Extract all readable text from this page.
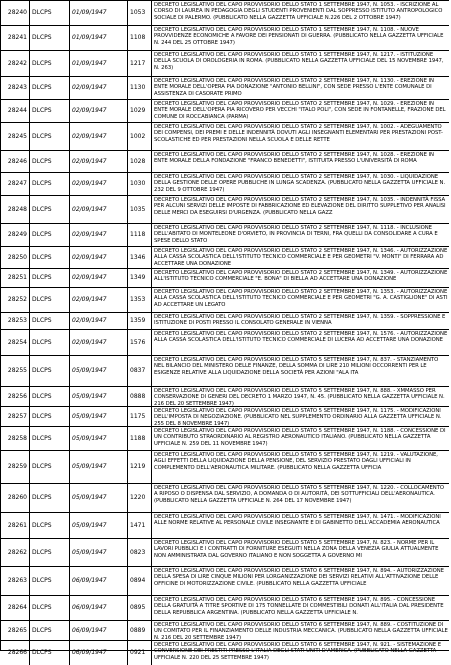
28240 DLCPS	01/09/1947	1053
DECRETO LEGISLATIVO DEL CAPO PROVVISORIO DELLO STATO 1 SETTEMBRE 1947, N. 1053. - ISCRIZIONE AL CORSO DI LAUREA IN PEDAGOGIA DEGLI STUDENTI PROVENIENTI DAL SOPPRESSO ISTITUTO ANTROPOLOGICO SOCIALE DI PALERMO. (PUBBLICATO NELLA GAZZETTA UFFICIALE N.226 DEL 2 OTTOBRE 1947)
28241 DLCPS	01/09/1947	1108
DECRETO LEGISLATIVO DEL CAPO PROVVISORIO DELLO STATO 1 SETTEMBRE 1947, N. 1108. - NUOVE PROVVIDENZE ECONOMICHE A FAVORE DEI PENSIONATI DI GUERRA. (PUBBLICATO NELLA GAZZETTA UFFICIALE N. 244 DEL 25 OTTOBRE 1947)
28242 DLCPS	01/09/1947	1217
DECRETO LEGISLATIVO DEL CAPO PROVVISORIO DELLO STATO 1 SETTEMBRE 1947, N. 1217. - ISTITUZIONE DELLA SCUOLA DI OROLOGERIA IN ROMA. (PUBBLICATO NELLA GAZZETTA UFFICIALE DEL 15 NOVEMBRE 1947, N. 263)
28243 DLCPS	02/09/1947	1130
DECRETO LEGISLATIVO DEL CAPO PROVVISORIO DELLO STATO 2 SETTEMBRE 1947, N. 1130. - EREZIONE IN ENTE MORALE DELL'OPERA PIA DONAZIONE "ANTONIO BELLINI", CON SEDE PRESSO L'ENTE COMUNALE DI ASSISTENZA DI CASORATE PRIMO
28244 DLCPS	02/09/1947	1029
DECRETO LEGISLATIVO DEL CAPO PROVVISORIO DELLO STATO 2 SETTEMBRE 1947, N. 1029. - EREZIONE IN ENTE MORALE DELL'OPERA PIA RICOVERO PER VECCHI "ITALO POLI", CON SEDE IN FONTANELLE, FRAZIONE DEL COMUNE DI ROCCABIANCA (PARMA)
28245 DLCPS	02/09/1947	1002
DECRETO LEGISLATIVO DEL CAPO PROVVISORIO DELLO STATO 2 SETTEMBRE 1947, N. 1002. - ADEGUAMENTO DEI COMPENSI, DEI PREMI E DELLE INDENNITÀ DOVUTI AGLI INSEGNANTI ELEMENTARI PER PRESTAZIONI POST-SCOLASTICHE ED PER PRESTAZIONI NELLA SCUOLA E DELLE RETTE
28246 DLCPS	02/09/1947	1028
DECRETO LEGISLATIVO DEL CAPO PROVVISORIO DELLO STATO 2 SETTEMBRE 1947, N. 1028. - EREZIONE IN ENTE MORALE DELLA FONDAZIONE "FRANCO BENEDETTI", ISTITUITA PRESSO L'UNIVERSITÀ DI ROMA
28247 DLCPS	02/09/1947	1030
DECRETO LEGISLATIVO DEL CAPO PROVVISORIO DELLO STATO 2 SETTEMBRE 1947, N. 1030. - LIQUIDAZIONE DELLA GESTIONE DELLE OPERE PUBBLICHE IN LUNGA SCADENZA. (PUBBLICATO NELLA GAZZETTA UFFICIALE N. 232 DEL 9 OTTOBRE 1947)
28248 DLCPS	02/09/1947	1035
DECRETO LEGISLATIVO DEL CAPO PROVVISORIO DELLO STATO 2 SETTEMBRE 1947, N. 1035. - INDENNITÀ FISSA PER ALCUNI SERVIZI DELLE IMPOSTE DI FABBRICAZIONE ED ELEVAZIONE DEL DIRITTO SUPPLETIVO PER ANALISI DELLE MERCI DA ESEGUIRSI D'URGENZA. (PUBBLICATO NELLA GAZZ
28249 DLCPS	02/09/1947	1118
DECRETO LEGISLATIVO DEL CAPO PROVVISORIO DELLO STATO 2 SETTEMBRE 1947, N. 1118. - INCLUSIONE DELL'ABITATO DI MONTELEONE D'ORVIETO, IN PROVINCIA DI TERNI, FRA QUELLI DA CONSOLIDARE A CURA E SPESE DELLO STATO
28250 DLCPS	02/09/1947	1346
DECRETO LEGISLATIVO DEL CAPO PROVVISORIO DELLO STATO 2 SETTEMBRE 1947, N. 1346. - AUTORIZZAZIONE ALLA CASSA SCOLASTICA DELL'ISTITUTO TECNICO COMMERCIALE E PER GEOMETRI "V. MONTI" DI FERRARA AD ACCETTARE UNA DONAZIONE
28251 DLCPS	02/09/1947	1349
DECRETO LEGISLATIVO DEL CAPO PROVVISORIO DELLO STATO 2 SETTEMBRE 1947, N. 1349. - AUTORIZZAZIONE ALL'ISTITUTO TECNICO COMMERCIALE "E. BONA" DI BIELLA AD ACCETTARE UNA DONAZIONE
28252 DLCPS	02/09/1947	1353
DECRETO LEGISLATIVO DEL CAPO PROVVISORIO DELLO STATO 2 SETTEMBRE 1947, N. 1353. - AUTORIZZAZIONE ALLA CASSA SCOLASTICA DELL'ISTITUTO TECNICO COMMERCIALE E PER GEOMETRI "G. A. CASTIGLIONE" DI ASTI AD ACCETTARE UN LEGATO
28253 DLCPS	02/09/1947	1359	DECRETO LEGISLATIVO DEL CAPO PROVVISORIO DELLO STATO 2 SETTEMBRE 1947, N. 1359. - SOPPRESSIONE E ISTITUZIONE DI POSTI PRESSO IL CONSOLATO GENERALE IN VIENNA
28254 DLCPS	02/09/1947	1576
DECRETO LEGISLATIVO DEL CAPO PROVVISORIO DELLO STATO 2 SETTEMBRE 1947, N. 1576. - AUTORIZZAZIONE ALLA CASSA SCOLASTICA DELL'ISTITUTO TECNICO COMMERCIALE DI LUCERA AD ACCETTARE UNA DONAZIONE
28255 DLCPS	05/09/1947	0837
DECRETO LEGISLATIVO DEL CAPO PROVVISORIO DELLO STATO 5 SETTEMBRE 1947, N. 837. - STANZIAMENTO NEL BILANCIO DEL MINISTERO DELLE FINANZE, DELLA SOMMA DI LIRE 210 MILIONI OCCORRENTI PER LE ESIGENZE RELATIVE ALLA LIQUIDAZIONE DELLA SOCIETÀ PER AZIONI "ALA ITA
28256 DLCPS	05/09/1947	0888
DECRETO LEGISLATIVO DEL CAPO PROVVISORIO DELLO STATO 5 SETTEMBRE 1947, N. 888. - XMMASSO PER CONSERVAZIONE DI GENERI DEL DECRETO 1 MARZO 1947, N. 45. (PUBBLICATO NELLA GAZZETTA UFFICIALE N. 216 DEL 20 SETTEMBRE 1947)
28257 DLCPS	05/09/1947	1175
DECRETO LEGISLATIVO DEL CAPO PROVVISORIO DELLO STATO 5 SETTEMBRE 1947, N. 1175. - MODIFICAZIONI DELL'IMPOSTA DI NEGOZIAZIONE. (PUBBLICATO NEL SUPPLEMENTO ORDINARIO ALLA GAZZETTA UFFICIALE N. 255 DEL 8 NOVEMBRE 1947)
28258 DLCPS	05/09/1947	1188
DECRETO LEGISLATIVO DEL CAPO PROVVISORIO DELLO STATO 5 SETTEMBRE 1947, N. 1188. - CONCESSIONE DI UN CONTRIBUTO STRAORDINARIO AL REGISTRO AERONAUTICO ITALIANO. (PUBBLICATO NELLA GAZZETTA UFFICIALE N. 259 DEL 11 NOVEMBRE 1947)
28259 DLCPS	05/09/1947	1219
DECRETO LEGISLATIVO DEL CAPO PROVVISORIO DELLO STATO 5 SETTEMBRE 1947, N. 1219. - VALUTAZIONE, AGLI EFFETTI DELLA LIQUIDAZIONE DELLA PENSIONE, DEL SERVIZIO PRESTATO DAGLI UFFICIALI IN COMPLEMENTO DELL'AERONAUTICA MILITARE. (PUBBLICATO NELLA GAZZETTA UFFICIA
28260 DLCPS	05/09/1947	1220
DECRETO LEGISLATIVO DEL CAPO PROVVISORIO DELLO STATO 5 SETTEMBRE 1947, N. 1220. - COLLOCAMENTO A RIPOSO O DISPENSA DAL SERVIZIO, A DOMANDA O DI AUTORITÀ, DEI SOTTUFFICIALI DELL'AERONAUTICA. (PUBBLICATO NELLA GAZZETTA UFFICIALE N. 264 DEL 17 NOVEMBRE 1947)
28261 DLCPS	05/09/1947	1471
DECRETO LEGISLATIVO DEL CAPO PROVVISORIO DELLO STATO 5 SETTEMBRE 1947, N. 1471. - MODIFICAZIONI ALLE NORME RELATIVE AL PERSONALE CIVILE INSEGNANTE E DI GABINETTO DELL'ACCADEMIA AERONAUTICA
28262 DLCPS	05/09/1947	0823
DECRETO LEGISLATIVO DEL CAPO PROVVISORIO DELLO STATO 5 SETTEMBRE 1947, N. 823. - NORME PER IL LAVORI PUBBLICI E I CONTRATTI DI FORNITURE ESEGUITI NELLA ZONA DELLA VENEZIA GIULIA ATTUALMENTE NON AMMINISTRATA DAL GOVERNO ITALIANO E NON SOGGETTA A GOVERNO MI
28263 DLCPS	06/09/1947	0894
DECRETO LEGISLATIVO DEL CAPO PROVVISORIO DELLO STATO 6 SETTEMBRE 1947, N. 894. - AUTORIZZAZIONE DELLA SPESA DI LIRE CINQUE MILIONI PER LORGANIZZAZIONE DEI SERVIZI RELATIVI ALL'ATTIVAZIONE DELLE OFFICINE DI MOTORIZZAZIONE CIVILE. (PUBBLICATO NELLA GAZZETTA UFFICIALE
28264 DLCPS	06/09/1947	0895
DECRETO LEGISLATIVO DEL CAPO PROVVISORIO DELLO STATO 6 SETTEMBRE 1947, N. 895. - CONCESSIONE DELLA GRATUITÀ A TITRE SPORTIVE DI 175 TONNELLATE DI COMMESTIBILI DONATI ALL'ITALIA DAL PRESIDENTE DELLA REPUBBLICA ARGENTINA. (PUBBLICATO NELLA GAZZETTA UFFICIALE N.
28265 DLCPS	06/09/1947	0889
DECRETO LEGISLATIVO DEL CAPO PROVVISORIO DELLO STATO 6 SETTEMBRE 1947, N. 889. - COSTITUZIONE DI UN COMITATO PER IL FINANZIAMENTO DELLE INDUSTRIA MECCANICA. (PUBBLICATO NELLA GAZZETTA UFFICIALE N. 216 DEL 20 SETTEMBRE 1947)
28266 DLCPS	06/09/1947	0921
DECRETO LEGISLATIVO DEL CAPO PROVVISORIO DELLO STATO 6 SETTEMBRE 1947, N. 921. - SISTEMAZIONE E CONVERSIONE DEI PRESTITI PRESSO L'ITALIA DEGLI STATI UNITI D'AMERICA. (PUBBLICATO NELLA GAZZETTA UFFICIALE N. 220 DEL 25 SETTEMBRE 1947)
